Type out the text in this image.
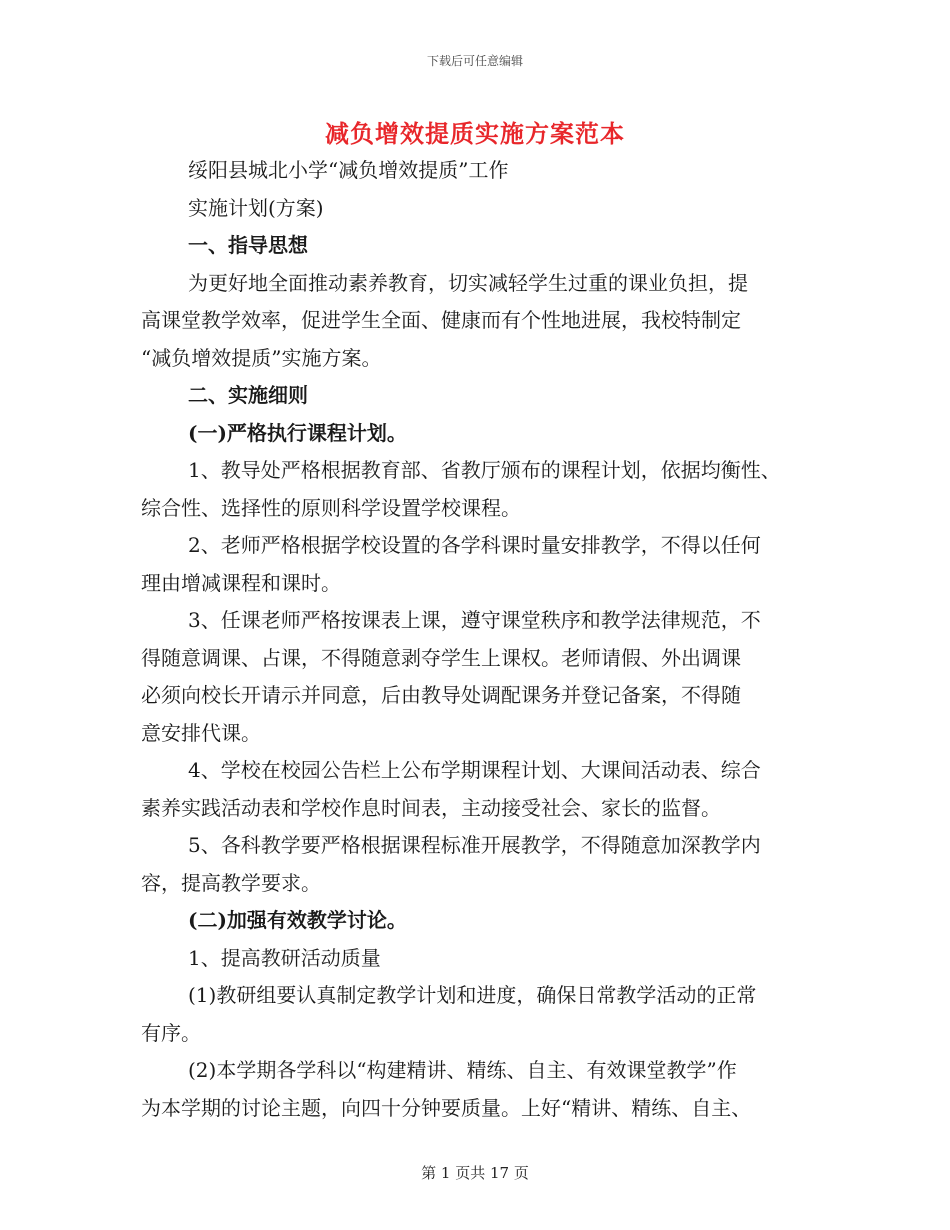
下载后可任意编辑
减负增效提质实施方案范本
绥阳县城北小学“减负增效提质”工作
实施计划(方案)
一、指导思想
为更好地全面推动素养教育，切实减轻学生过重的课业负担，提
高课堂教学效率，促进学生全面、健康而有个性地进展，我校特制定
“减负增效提质”实施方案。
二、实施细则
(一)严格执行课程计划。
1、教导处严格根据教育部、省教厅颁布的课程计划，依据均衡性、
综合性、选择性的原则科学设置学校课程。
2、老师严格根据学校设置的各学科课时量安排教学，不得以任何
理由增减课程和课时。
3、任课老师严格按课表上课，遵守课堂秩序和教学法律规范，不
得随意调课、占课，不得随意剥夺学生上课权。老师请假、外出调课
必须向校长开请示并同意，后由教导处调配课务并登记备案，不得随
意安排代课。
4、学校在校园公告栏上公布学期课程计划、大课间活动表、综合
素养实践活动表和学校作息时间表，主动接受社会、家长的监督。
5、各科教学要严格根据课程标准开展教学，不得随意加深教学内
容，提高教学要求。
(二)加强有效教学讨论。
1、提高教研活动质量
(1)教研组要认真制定教学计划和进度，确保日常教学活动的正常
有序。
(2)本学期各学科以“构建精讲、精练、自主、有效课堂教学”作
为本学期的讨论主题，向四十分钟要质量。上好“精讲、精练、自主、
第 1 页共 17 页
